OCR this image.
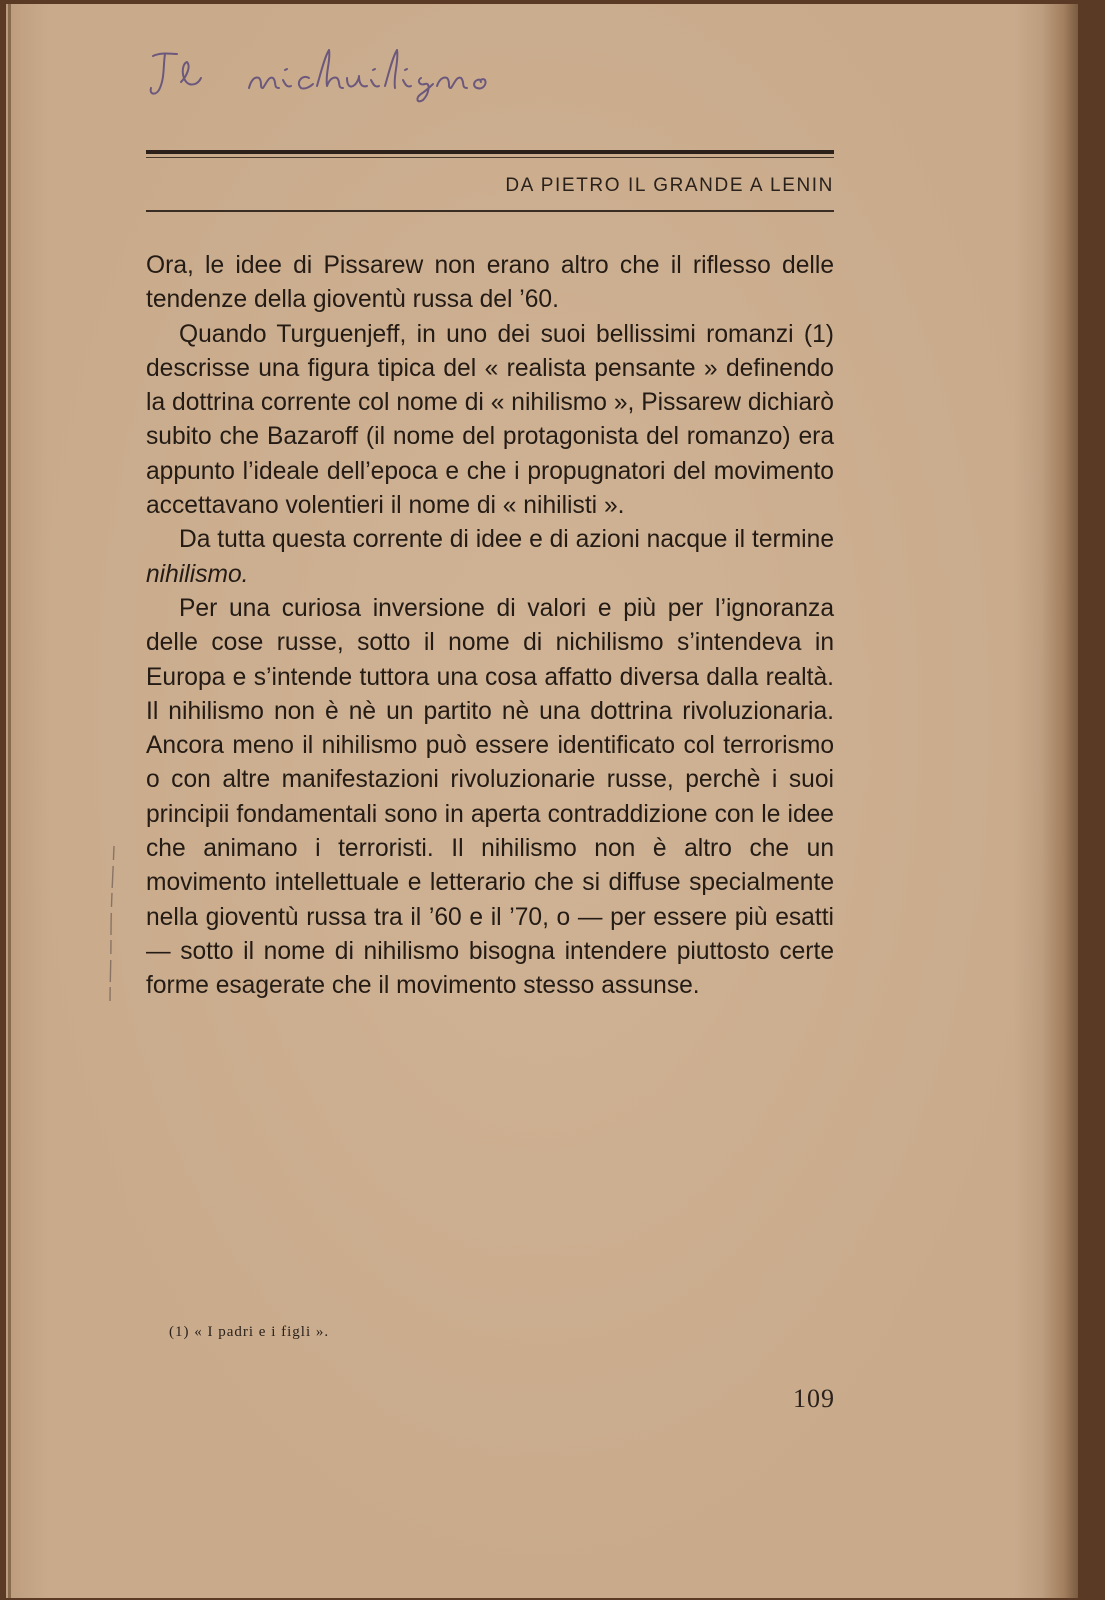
DA PIETRO IL GRANDE A LENIN

Ora, le idee di Pissarew non erano altro che il riflesso delle tendenze della gioventù russa del ’60.

Quando Turguenjeff, in uno dei suoi bellissimi romanzi (1) descrisse una figura tipica del « realista pensante » definendo la dottrina corrente col nome di « nihilismo », Pissarew dichiarò subito che Bazaroff (il nome del protagonista del romanzo) era appunto l’ideale dell’epoca e che i propugnatori del movimento accettavano volentieri il nome di « nihilisti ».

Da tutta questa corrente di idee e di azioni nacque il termine nihilismo.

Per una curiosa inversione di valori e più per l’ignoranza delle cose russe, sotto il nome di nichilismo s’intendeva in Europa e s’intende tuttora una cosa affatto diversa dalla realtà. Il nihilismo non è nè un partito nè una dottrina rivoluzionaria. Ancora meno il nihilismo può essere identificato col terrorismo o con altre manifestazioni rivoluzionarie russe, perchè i suoi principii fondamentali sono in aperta contraddizione con le idee che animano i terroristi. Il nihilismo non è altro che un movimento intellettuale e letterario che si diffuse specialmente nella gioventù russa tra il ’60 e il ’70, o — per essere più esatti — sotto il nome di nihilismo bisogna intendere piuttosto certe forme esagerate che il movimento stesso assunse.

(1) « I padri e i figli ».
109
